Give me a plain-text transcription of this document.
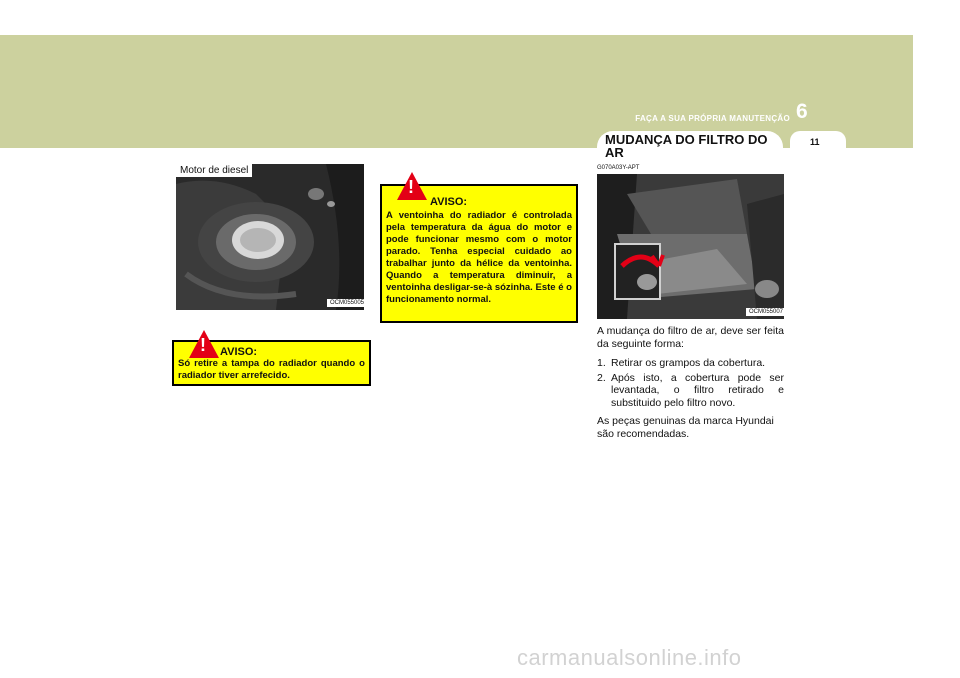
FAÇA A SUA PRÓPRIA MANUTENÇÃO 6
MUDANÇA DO FILTRO DO AR
11
Motor de diesel
OCM055005
! AVISO:
Só retire a tampa do radiador quando o radiador tiver arrefecido.
!
AVISO:
A ventoinha do radiador é controlada pela temperatura da água do motor e pode funcionar mesmo com o motor parado. Tenha especial cuidado ao trabalhar junto da hélice da ventoinha. Quando a temperatura diminuir, a ventoinha desligar-se-à sózinha. Este é o funcionamento normal.
G070A03Y-APT
OCM055007

A mudança do filtro de ar, deve ser feita da seguinte forma:

1. Retirar os grampos da cobertura.
2. Após isto, a cobertura pode ser levantada, o filtro retirado e substituido pelo filtro novo.

As peças genuinas da marca Hyundai são recomendadas.

carmanualsonline.info
